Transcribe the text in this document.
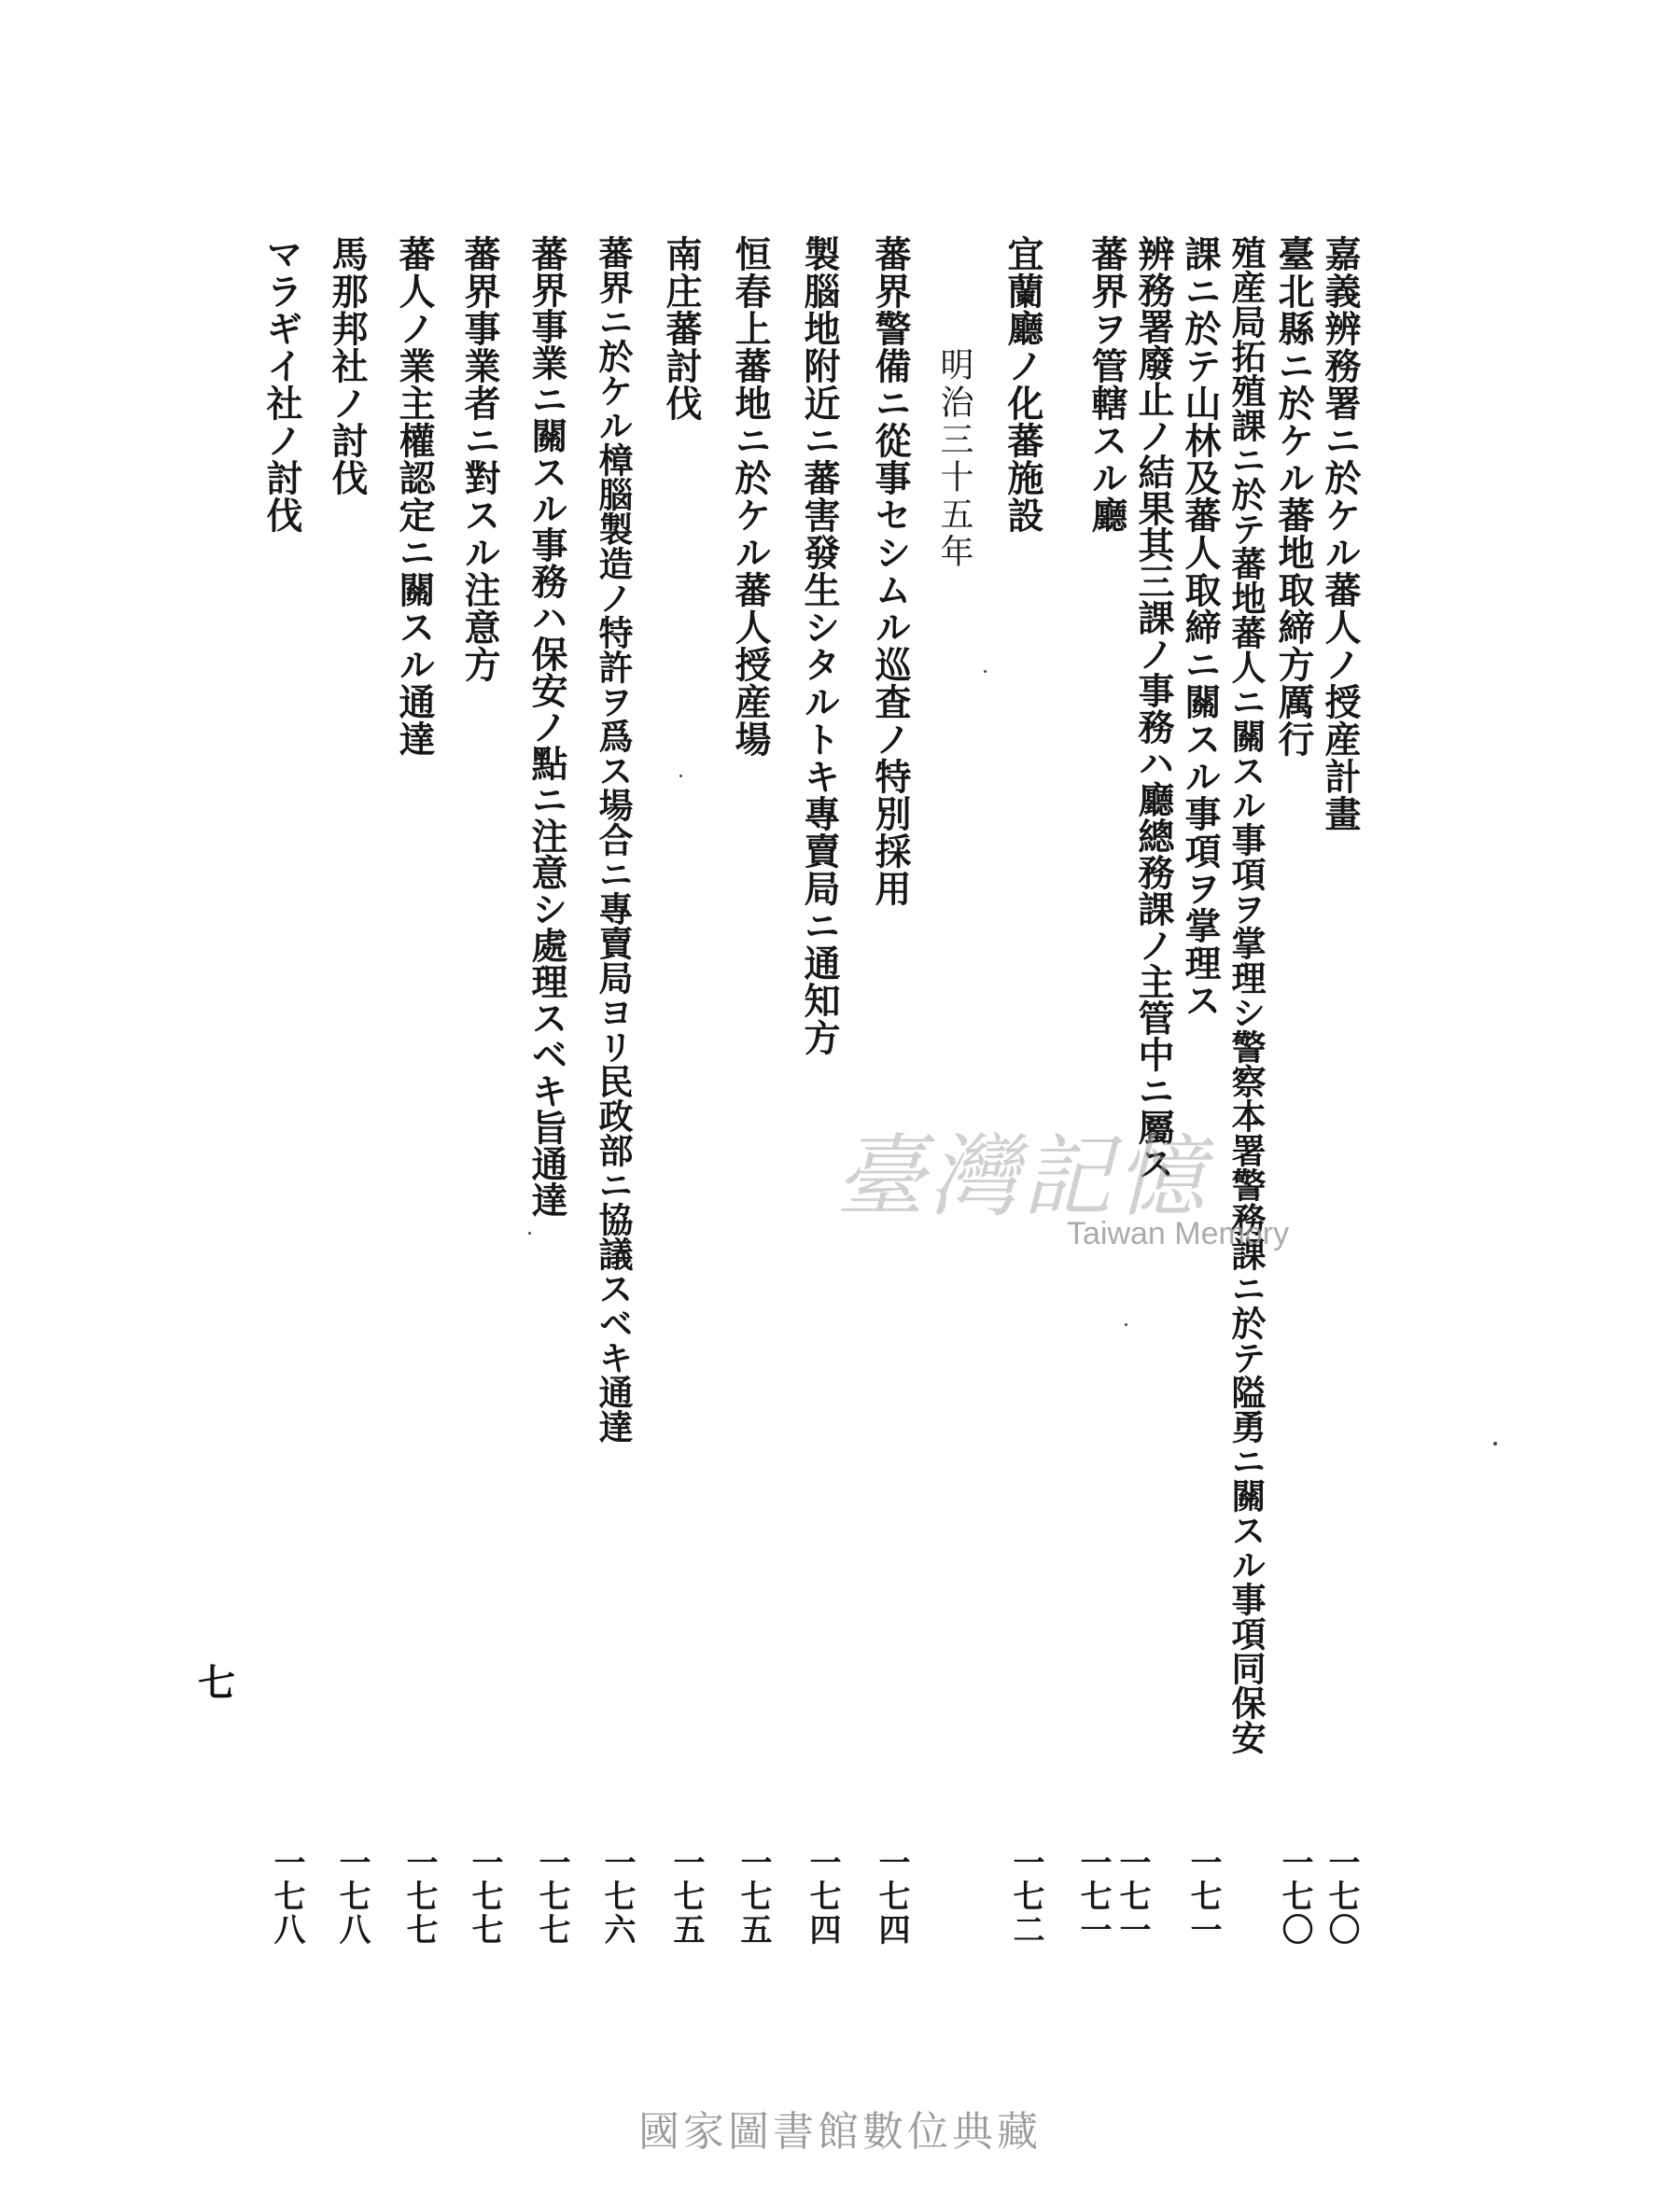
嘉義辨務署ニ於ケル蕃人ノ授産計畫
臺北縣ニ於ケル蕃地取締方厲行
殖産局拓殖課ニ於テ蕃地蕃人ニ關スル事項ヲ掌理シ警察本署警務課ニ於テ隘勇ニ關スル事項同保安
課ニ於テ山林及蕃人取締ニ關スル事項ヲ掌理ス
辨務署廢止ノ結果其三課ノ事務ハ廳總務課ノ主管中ニ屬ス
蕃界ヲ管轄スル廳
宜蘭廳ノ化蕃施設
明治三十五年
蕃界警備ニ從事セシムル巡査ノ特別採用
製腦地附近ニ蕃害發生シタルトキ專賣局ニ通知方
恒春上蕃地ニ於ケル蕃人授産場
南庄蕃討伐
蕃界ニ於ケル樟腦製造ノ特許ヲ爲ス場合ニ專賣局ヨリ民政部ニ協議スベキ通達
蕃界事業ニ關スル事務ハ保安ノ點ニ注意シ處理スベキ旨通達
蕃界事業者ニ對スル注意方
蕃人ノ業主權認定ニ關スル通達
馬那邦社ノ討伐
マラギイ社ノ討伐
一七〇
一七〇
一七一
一七一
一七一
一七二
一七四
一七四
一七五
一七五
一七六
一七七
一七七
一七七
一七八
一七八
七
臺灣記憶
Taiwan Memory
國家圖書館數位典藏
